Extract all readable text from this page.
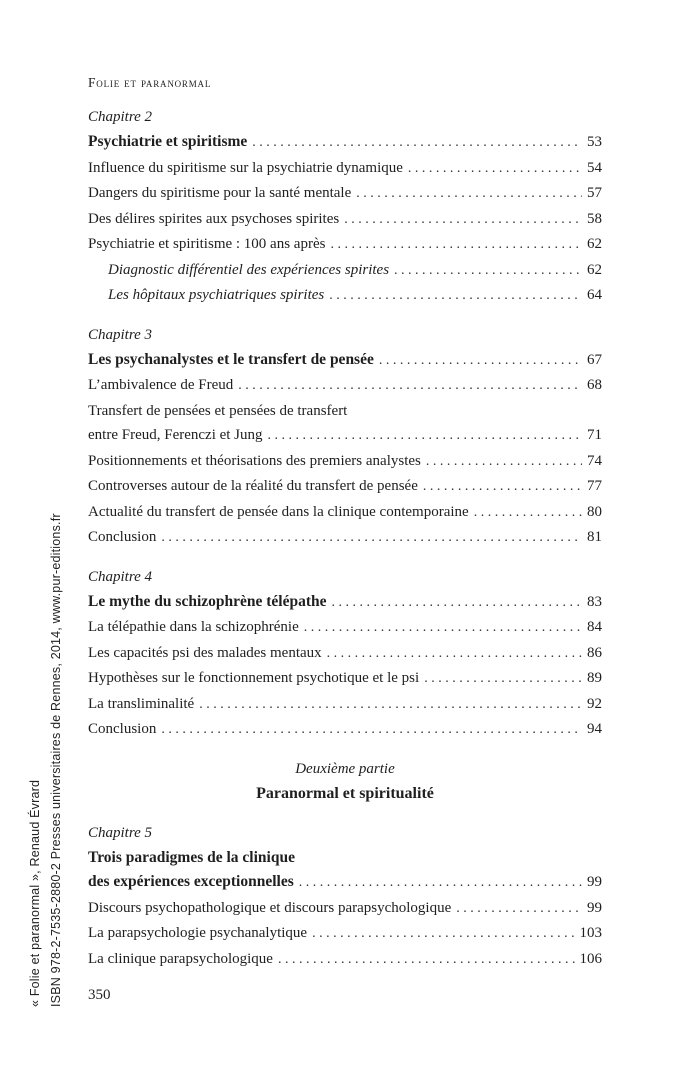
« Folie et paranormal », Renaud Évrard ISBN 978-2-7535-2880-2 Presses universitaires de Rennes, 2014, www.pur-editions.fr
Folie et paranormal
Chapitre 2
Psychiatrie et spiritisme .....	53
Influence du spiritisme sur la psychiatrie dynamique .....	54
Dangers du spiritisme pour la santé mentale .....	57
Des délires spirites aux psychoses spirites .....	58
Psychiatrie et spiritisme : 100 ans après .....	62
Diagnostic différentiel des expériences spirites .....	62
Les hôpitaux psychiatriques spirites .....	64
Chapitre 3
Les psychanalystes et le transfert de pensée .....	67
L’ambivalence de Freud .....	68
Transfert de pensées et pensées de transfert
entre Freud, Ferenczi et Jung .....	71
Positionnements et théorisations des premiers analystes .....	74
Controverses autour de la réalité du transfert de pensée .....	77
Actualité du transfert de pensée dans la clinique contemporaine .....	80
Conclusion .....	81
Chapitre 4
Le mythe du schizophrène télépathe .....	83
La télépathie dans la schizophrénie .....	84
Les capacités psi des malades mentaux .....	86
Hypothèses sur le fonctionnement psychotique et le psi .....	89
La transliminalité .....	92
Conclusion .....	94
Deuxième partie
Paranormal et spiritualité
Chapitre 5
Trois paradigmes de la clinique
des expériences exceptionnelles .....	99
Discours psychopathologique et discours parapsychologique .....	99
La parapsychologie psychanalytique .....	103
La clinique parapsychologique .....	106
350
